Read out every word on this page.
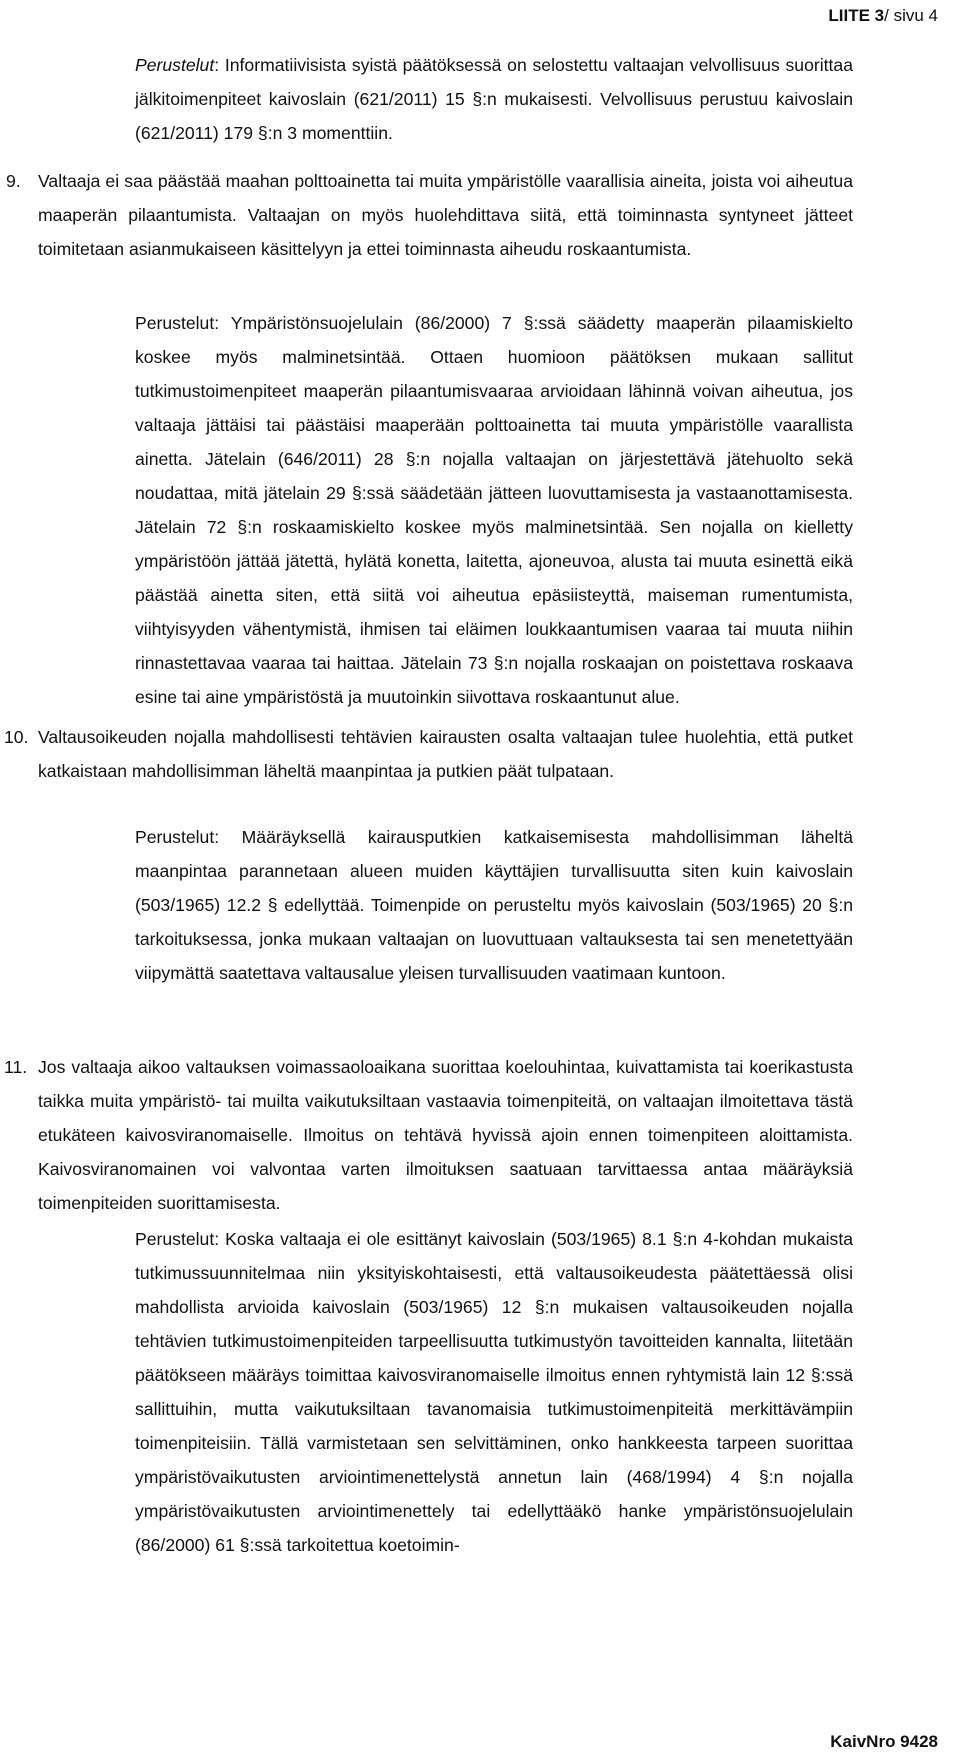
LIITE 3/ sivu 4

Perustelut: Informatiivisista syistä päätöksessä on selostettu valtaajan velvollisuus suorittaa jälkitoimenpiteet kaivoslain (621/2011) 15 §:n mukaisesti. Velvollisuus perustuu kaivoslain (621/2011) 179 §:n 3 momenttiin.

9. Valtaaja ei saa päästää maahan polttoainetta tai muita ympäristölle vaarallisia aineita, joista voi aiheutua maaperän pilaantumista. Valtaajan on myös huolehdittava siitä, että toiminnasta syntyneet jätteet toimitetaan asianmukaiseen käsittelyyn ja ettei toiminnasta aiheudu roskaantumista.

Perustelut: Ympäristönsuojelulain (86/2000) 7 §:ssä säädetty maaperän pilaamiskielto koskee myös malminetsintää. Ottaen huomioon päätöksen mukaan sallitut tutkimustoimenpiteet maaperän pilaantumisvaaraa arvioidaan lähinnä voivan aiheutua, jos valtaaja jättäisi tai päästäisi maaperään polttoainetta tai muuta ympäristölle vaarallista ainetta. Jätelain (646/2011) 28 §:n nojalla valtaajan on järjestettävä jätehuolto sekä noudattaa, mitä jätelain 29 §:ssä säädetään jätteen luovuttamisesta ja vastaanottamisesta. Jätelain 72 §:n roskaamiskielto koskee myös malminetsintää. Sen nojalla on kielletty ympäristöön jättää jätettä, hylätä konetta, laitetta, ajoneuvoa, alusta tai muuta esinettä eikä päästää ainetta siten, että siitä voi aiheutua epäsiisteyttä, maiseman rumentumista, viihtyisyyden vähentymistä, ihmisen tai eläimen loukkaantumisen vaaraa tai muuta niihin rinnastettavaa vaaraa tai haittaa. Jätelain 73 §:n nojalla roskaajan on poistettava roskaava esine tai aine ympäristöstä ja muutoinkin siivottava roskaantunut alue.

10. Valtausoikeuden nojalla mahdollisesti tehtävien kairausten osalta valtaajan tulee huolehtia, että putket katkaistaan mahdollisimman läheltä maanpintaa ja putkien päät tulpataan.

Perustelut: Määräyksellä kairausputkien katkaisemisesta mahdollisimman läheltä maanpintaa parannetaan alueen muiden käyttäjien turvallisuutta siten kuin kaivoslain (503/1965) 12.2 § edellyttää. Toimenpide on perusteltu myös kaivoslain (503/1965) 20 §:n tarkoituksessa, jonka mukaan valtaajan on luovuttuaan valtauksesta tai sen menetettyään viipymättä saatettava valtausalue yleisen turvallisuuden vaatimaan kuntoon.

11. Jos valtaaja aikoo valtauksen voimassaoloaikana suorittaa koelouhintaa, kuivattamista tai koerikastusta taikka muita ympäristö- tai muilta vaikutuksiltaan vastaavia toimenpiteitä, on valtaajan ilmoitettava tästä etukäteen kaivosviranomaiselle. Ilmoitus on tehtävä hyvissä ajoin ennen toimenpiteen aloittamista. Kaivosviranomainen voi valvontaa varten ilmoituksen saatuaan tarvittaessa antaa määräyksiä toimenpiteiden suorittamisesta.

Perustelut: Koska valtaaja ei ole esittänyt kaivoslain (503/1965) 8.1 §:n 4-kohdan mukaista tutkimussuunnitelmaa niin yksityiskohtaisesti, että valtausoikeudesta päätettäessä olisi mahdollista arvioida kaivoslain (503/1965) 12 §:n mukaisen valtausoikeuden nojalla tehtävien tutkimustoimenpiteiden tarpeellisuutta tutkimustyön tavoitteiden kannalta, liitetään päätökseen määräys toimittaa kaivosviranomaiselle ilmoitus ennen ryhtymistä lain 12 §:ssä sallittuihin, mutta vaikutuksiltaan tavanomaisia tutkimustoimenpiteitä merkittävämpiin toimenpiteisiin. Tällä varmistetaan sen selvittäminen, onko hankkeesta tarpeen suorittaa ympäristövaikutusten arviointimenettelystä annetun lain (468/1994) 4 §:n nojalla ympäristövaikutusten arviointimenettely tai edellyttääkö hanke ympäristönsuojelulain (86/2000) 61 §:ssä tarkoitettua koetoimin-

KaivNro 9428
